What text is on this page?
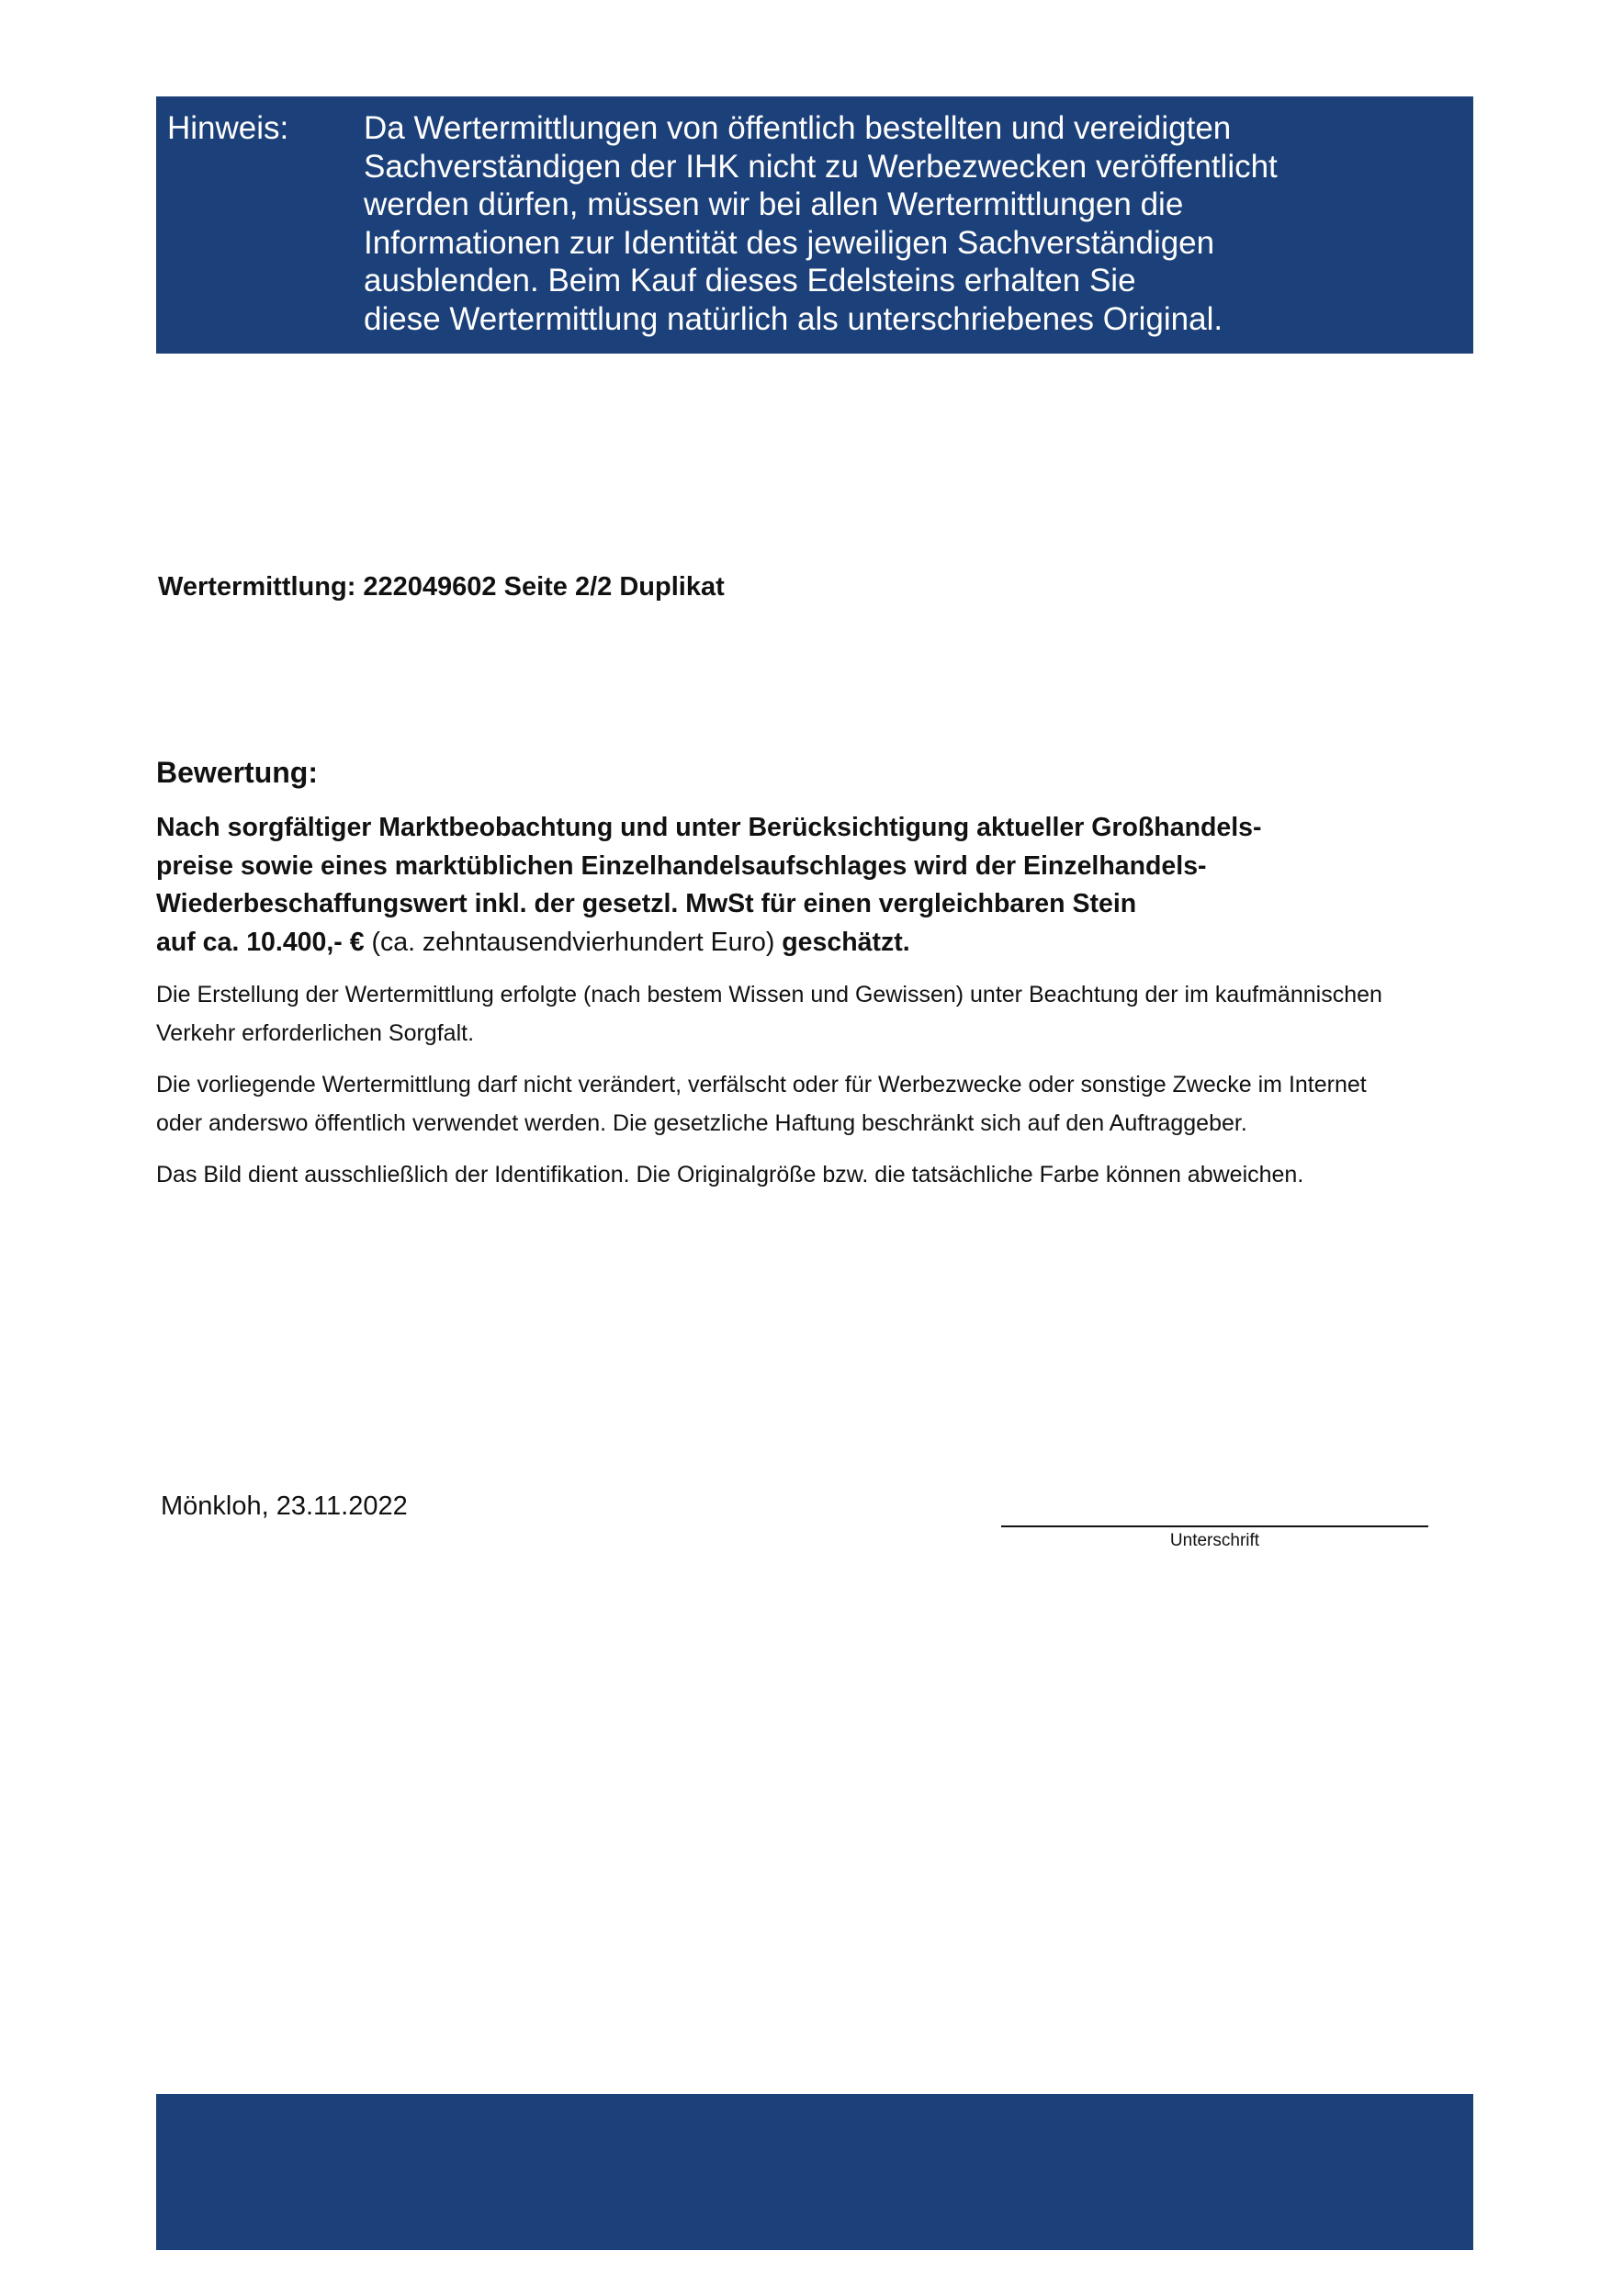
Hinweis: Da Wertermittlungen von öffentlich bestellten und vereidigten
Sachverständigen der IHK nicht zu Werbezwecken veröffentlicht
werden dürfen, müssen wir bei allen Wertermittlungen die
Informationen zur Identität des jeweiligen Sachverständigen
ausblenden. Beim Kauf dieses Edelsteins erhalten Sie
diese Wertermittlung natürlich als unterschriebenes Original.
Wertermittlung: 222049602 Seite 2/2 Duplikat
Bewertung:
Nach sorgfältiger Marktbeobachtung und unter Berücksichtigung aktueller Großhandels-
preise sowie eines marktüblichen Einzelhandelsaufschlages wird der Einzelhandels-
Wiederbeschaffungswert inkl. der gesetzl. MwSt für einen vergleichbaren Stein
auf ca. 10.400,- € (ca. zehntausendvierhundert Euro) geschätzt.
Die Erstellung der Wertermittlung erfolgte (nach bestem Wissen und Gewissen) unter Beachtung der im kaufmännischen
Verkehr erforderlichen Sorgfalt.
Die vorliegende Wertermittlung darf nicht verändert, verfälscht oder für Werbezwecke oder sonstige Zwecke im Internet
oder anderswo öffentlich verwendet werden. Die gesetzliche Haftung beschränkt sich auf den Auftraggeber.
Das Bild dient ausschließlich der Identifikation. Die Originalgröße bzw. die tatsächliche Farbe können abweichen.
Mönkloh, 23.11.2022
Unterschrift
